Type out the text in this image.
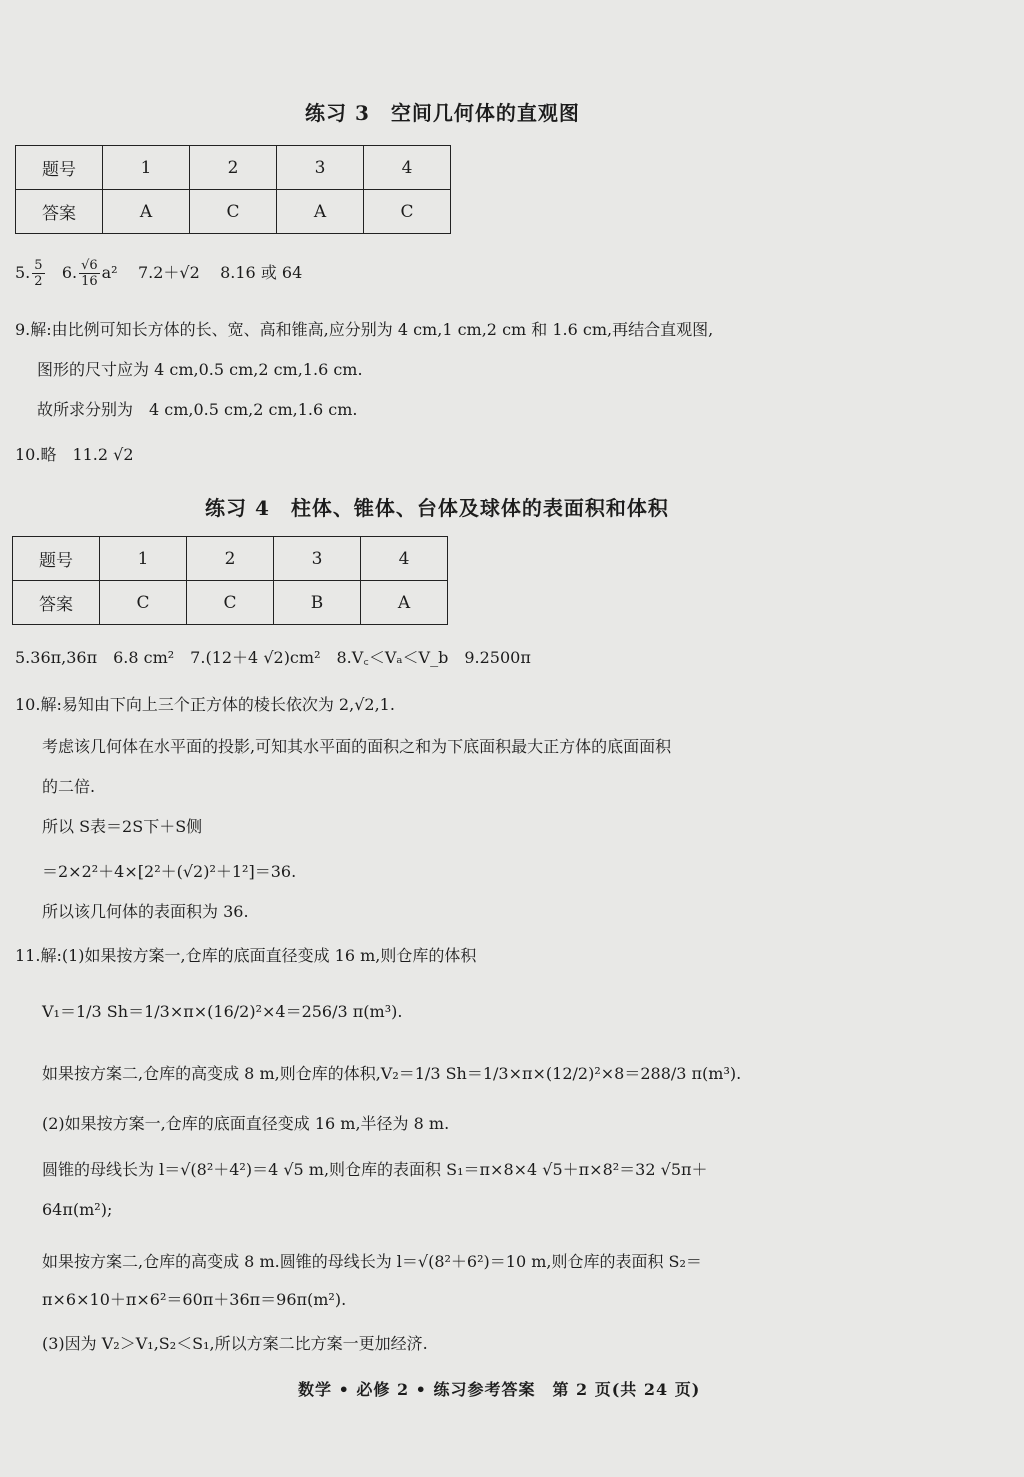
练习 3　空间几何体的直观图
题号	1	2	3	4
答案	A	C	A	C
5. $\frac{5}{2} 6$. $\frac{√6}{16} a^2$ 7.2＋√2 8.16 或 64
9.解:由比例可知长方体的长、宽、高和锥高,应分别为 4 cm,1 cm,2 cm 和 1.6 cm,再结合直观图,
图形的尺寸应为 4 cm,0.5 cm,2 cm,1.6 cm.
故所求分别为　4 cm,0.5 cm,2 cm,1.6 cm.
10.略　11.2 √2
练习 4　柱体、锥体、台体及球体的表面积和体积
题号	1	2	3	4
答案	C	C	B	A
5.36π,36π　6.8 cm²　7.(12＋4 √2)cm²　8.V꜀＜Vₐ＜V_b　9.2500π
10.解:易知由下向上三个正方体的棱长依次为 2,√2,1.
考虑该几何体在水平面的投影,可知其水平面的面积之和为下底面积最大正方体的底面面积
的二倍.
所以 S表＝2S下＋S侧
＝2×2²＋4×[2²＋(√2)²＋1²]＝36.
所以该几何体的表面积为 36.
11.解:(1)如果按方案一,仓库的底面直径变成 16 m,则仓库的体积
V₁＝1/3 Sh＝1/3×π×(16/2)²×4＝256/3 π(m³).
如果按方案二,仓库的高变成 8 m,则仓库的体积,V₂＝1/3 Sh＝1/3×π×(12/2)²×8＝288/3 π(m³).
(2)如果按方案一,仓库的底面直径变成 16 m,半径为 8 m.
圆锥的母线长为 l＝√(8²＋4²)＝4 √5 m,则仓库的表面积 S₁＝π×8×4 √5＋π×8²＝32 √5π＋
64π(m²);
如果按方案二,仓库的高变成 8 m.圆锥的母线长为 l＝√(8²＋6²)＝10 m,则仓库的表面积 S₂＝
π×6×10＋π×6²＝60π＋36π＝96π(m²).
(3)因为 V₂＞V₁,S₂＜S₁,所以方案二比方案一更加经济.
数学 • 必修 2 • 练习参考答案　第 2 页(共 24 页)
